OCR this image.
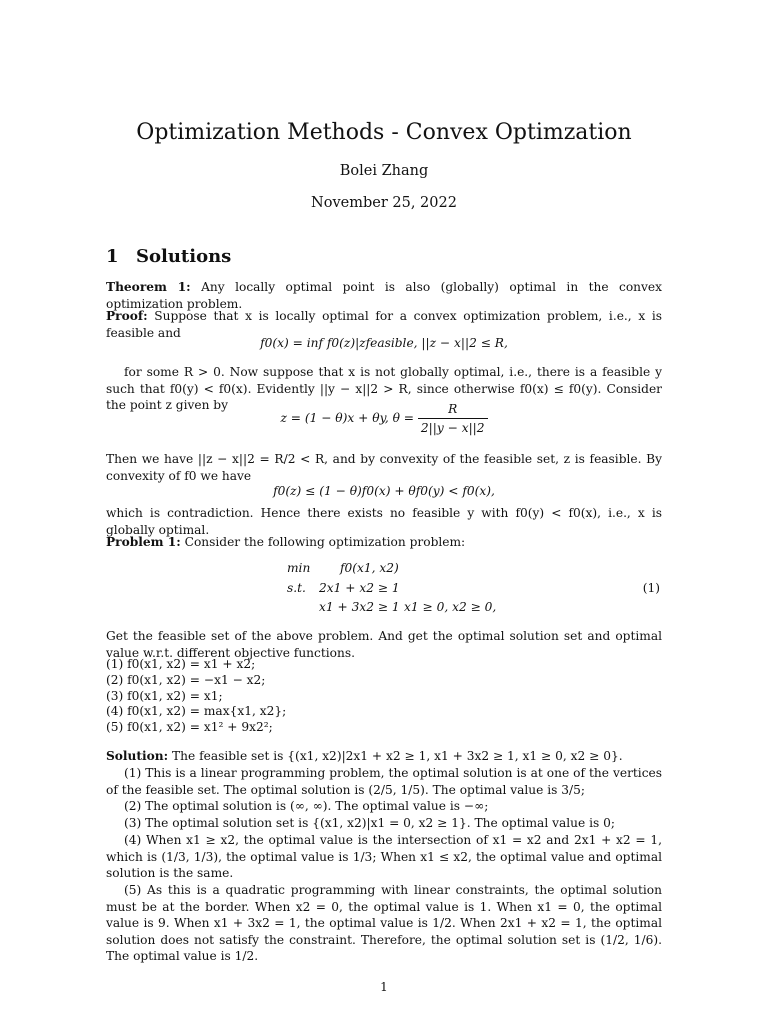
Optimization Methods - Convex Optimzation
Bolei Zhang
November 25, 2022
1 Solutions
Theorem 1: Any locally optimal point is also (globally) optimal in the convex optimization problem.
Proof: Suppose that x is locally optimal for a convex optimization problem, i.e., x is feasible and
f0(x) = inf f0(z)|zfeasible, ||z − x||2 ≤ R,
for some R > 0. Now suppose that x is not globally optimal, i.e., there is a feasible y such that f0(y) < f0(x). Evidently ||y − x||2 > R, since otherwise f0(x) ≤ f0(y). Consider the point z given by
z = (1 − θ)x + θy, $\theta = \frac{R}{2||y - x||2}$
Then we have ||z − x||2 = R/2 < R, and by convexity of the feasible set, z is feasible. By convexity of f0 we have
f0(z) ≤ (1 − θ)f0(x) + θf0(y) < f0(x),
which is contradiction. Hence there exists no feasible y with f0(y) < f0(x), i.e., x is globally optimal.
Problem 1: Consider the following optimization problem:
min f0(x1, x2)
s.t. 2x1 + x2 ≥ 1
x1 + 3x2 ≥ 1 x1 ≥ 0, x2 ≥ 0,
(1)
Get the feasible set of the above problem. And get the optimal solution set and optimal value w.r.t. different objective functions.
(1) f0(x1, x2) = x1 + x2;
(2) f0(x1, x2) = −x1 − x2;
(3) f0(x1, x2) = x1;
(4) f0(x1, x2) = max{x1, x2};
(5) f0(x1, x2) = x1² + 9x2²;
Solution: The feasible set is {(x1, x2)|2x1 + x2 ≥ 1, x1 + 3x2 ≥ 1, x1 ≥ 0, x2 ≥ 0}.
(1) This is a linear programming problem, the optimal solution is at one of the vertices of the feasible set. The optimal solution is (2/5, 1/5). The optimal value is 3/5;
(2) The optimal solution is (∞, ∞). The optimal value is −∞;
(3) The optimal solution set is {(x1, x2)|x1 = 0, x2 ≥ 1}. The optimal value is 0;
(4) When x1 ≥ x2, the optimal value is the intersection of x1 = x2 and 2x1 + x2 = 1, which is (1/3, 1/3), the optimal value is 1/3; When x1 ≤ x2, the optimal value and optimal solution is the same.
(5) As this is a quadratic programming with linear constraints, the optimal solution must be at the border. When x2 = 0, the optimal value is 1. When x1 = 0, the optimal value is 9. When x1 + 3x2 = 1, the optimal value is 1/2. When 2x1 + x2 = 1, the optimal solution does not satisfy the constraint. Therefore, the optimal solution set is (1/2, 1/6). The optimal value is 1/2.
1
